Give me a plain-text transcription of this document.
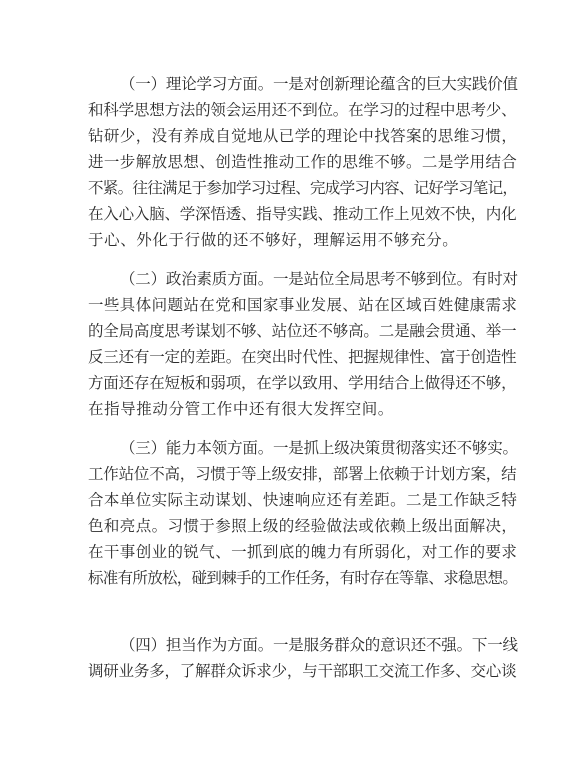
（一）理论学习方面。一是对创新理论蕴含的巨大实践价值
和科学思想方法的领会运用还不到位。在学习的过程中思考少、
钻研少，没有养成自觉地从已学的理论中找答案的思维习惯，
进一步解放思想、创造性推动工作的思维不够。二是学用结合
不紧。往往满足于参加学习过程、完成学习内容、记好学习笔记，
在入心入脑、学深悟透、指导实践、推动工作上见效不快，内化
于心、外化于行做的还不够好，理解运用不够充分。
（二）政治素质方面。一是站位全局思考不够到位。有时对
一些具体问题站在党和国家事业发展、站在区域百姓健康需求
的全局高度思考谋划不够、站位还不够高。二是融会贯通、举一
反三还有一定的差距。在突出时代性、把握规律性、富于创造性
方面还存在短板和弱项，在学以致用、学用结合上做得还不够，
在指导推动分管工作中还有很大发挥空间。
（三）能力本领方面。一是抓上级决策贯彻落实还不够实。
工作站位不高，习惯于等上级安排，部署上依赖于计划方案，结
合本单位实际主动谋划、快速响应还有差距。二是工作缺乏特
色和亮点。习惯于参照上级的经验做法或依赖上级出面解决，
在干事创业的锐气、一抓到底的魄力有所弱化，对工作的要求
标准有所放松，碰到棘手的工作任务，有时存在等靠、求稳思想。
（四）担当作为方面。一是服务群众的意识还不强。下一线
调研业务多，了解群众诉求少，与干部职工交流工作多、交心谈
